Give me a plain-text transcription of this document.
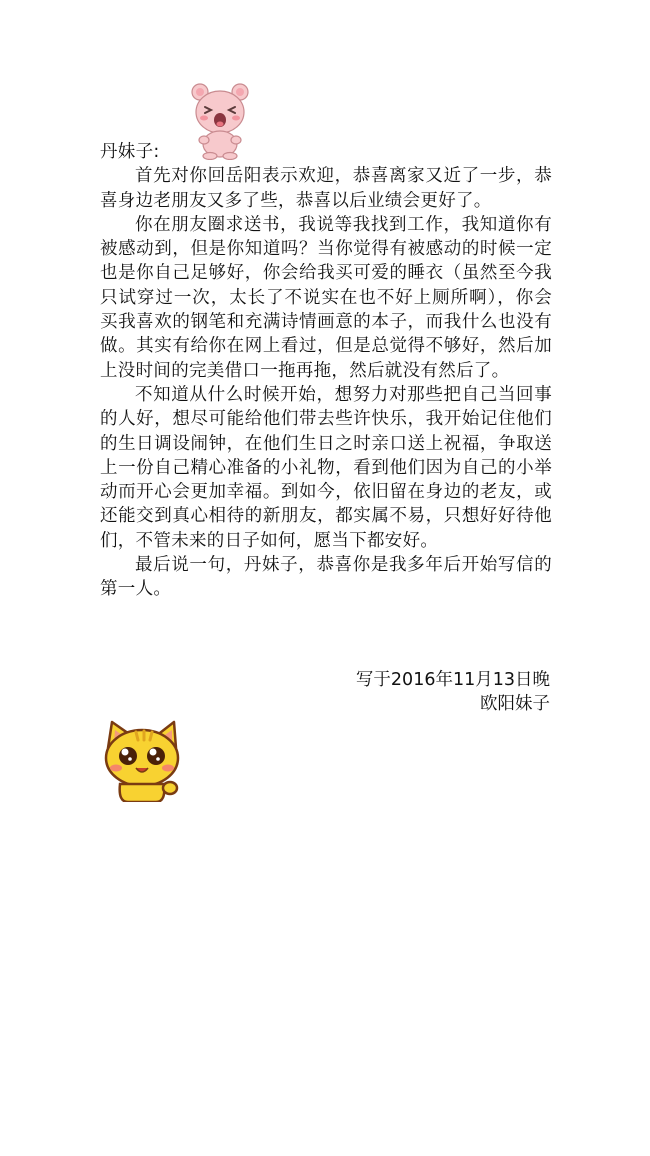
丹妹子:

首先对你回岳阳表示欢迎，恭喜离家又近了一步，恭喜身边老朋友又多了些，恭喜以后业绩会更好了。

你在朋友圈求送书，我说等我找到工作，我知道你有被感动到，但是你知道吗？当你觉得有被感动的时候一定也是你自己足够好，你会给我买可爱的睡衣（虽然至今我只试穿过一次，太长了不说实在也不好上厕所啊），你会买我喜欢的钢笔和充满诗情画意的本子，而我什么也没有做。其实有给你在网上看过，但是总觉得不够好，然后加上没时间的完美借口一拖再拖，然后就没有然后了。

不知道从什么时候开始，想努力对那些把自己当回事的人好，想尽可能给他们带去些许快乐，我开始记住他们的生日调设闹钟，在他们生日之时亲口送上祝福，争取送上一份自己精心准备的小礼物，看到他们因为自己的小举动而开心会更加幸福。到如今，依旧留在身边的老友，或还能交到真心相待的新朋友，都实属不易，只想好好待他们，不管未来的日子如何，愿当下都安好。

最后说一句，丹妹子，恭喜你是我多年后开始写信的第一人。

写于2016年11月13日晚
欧阳妹子
